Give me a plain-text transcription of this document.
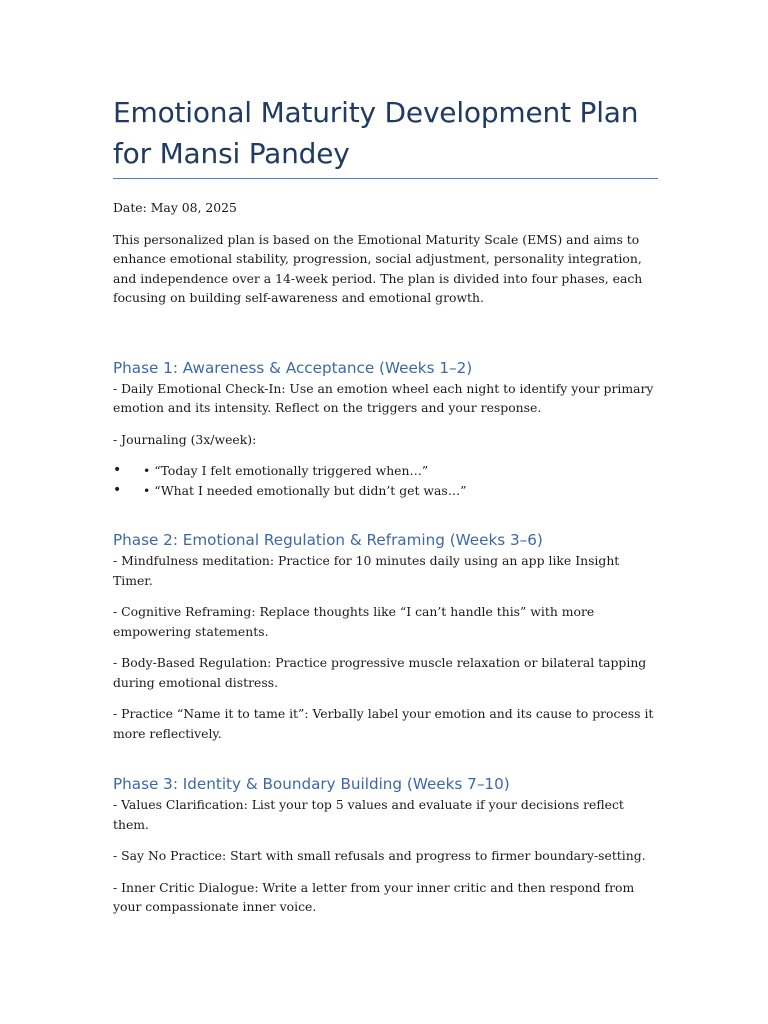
Emotional Maturity Development Plan for Mansi Pandey

Date: May 08, 2025

This personalized plan is based on the Emotional Maturity Scale (EMS) and aims to enhance emotional stability, progression, social adjustment, personality integration, and independence over a 14-week period. The plan is divided into four phases, each focusing on building self-awareness and emotional growth.

Phase 1: Awareness & Acceptance (Weeks 1–2)

- Daily Emotional Check-In: Use an emotion wheel each night to identify your primary emotion and its intensity. Reflect on the triggers and your response.

- Journaling (3x/week):

• • “Today I felt emotionally triggered when…”
• • “What I needed emotionally but didn’t get was…”
Phase 2: Emotional Regulation & Reframing (Weeks 3–6)

- Mindfulness meditation: Practice for 10 minutes daily using an app like Insight Timer.

- Cognitive Reframing: Replace thoughts like “I can’t handle this” with more empowering statements.

- Body-Based Regulation: Practice progressive muscle relaxation or bilateral tapping during emotional distress.

- Practice “Name it to tame it”: Verbally label your emotion and its cause to process it more reflectively.

Phase 3: Identity & Boundary Building (Weeks 7–10)

- Values Clarification: List your top 5 values and evaluate if your decisions reflect them.

- Say No Practice: Start with small refusals and progress to firmer boundary-setting.

- Inner Critic Dialogue: Write a letter from your inner critic and then respond from your compassionate inner voice.
